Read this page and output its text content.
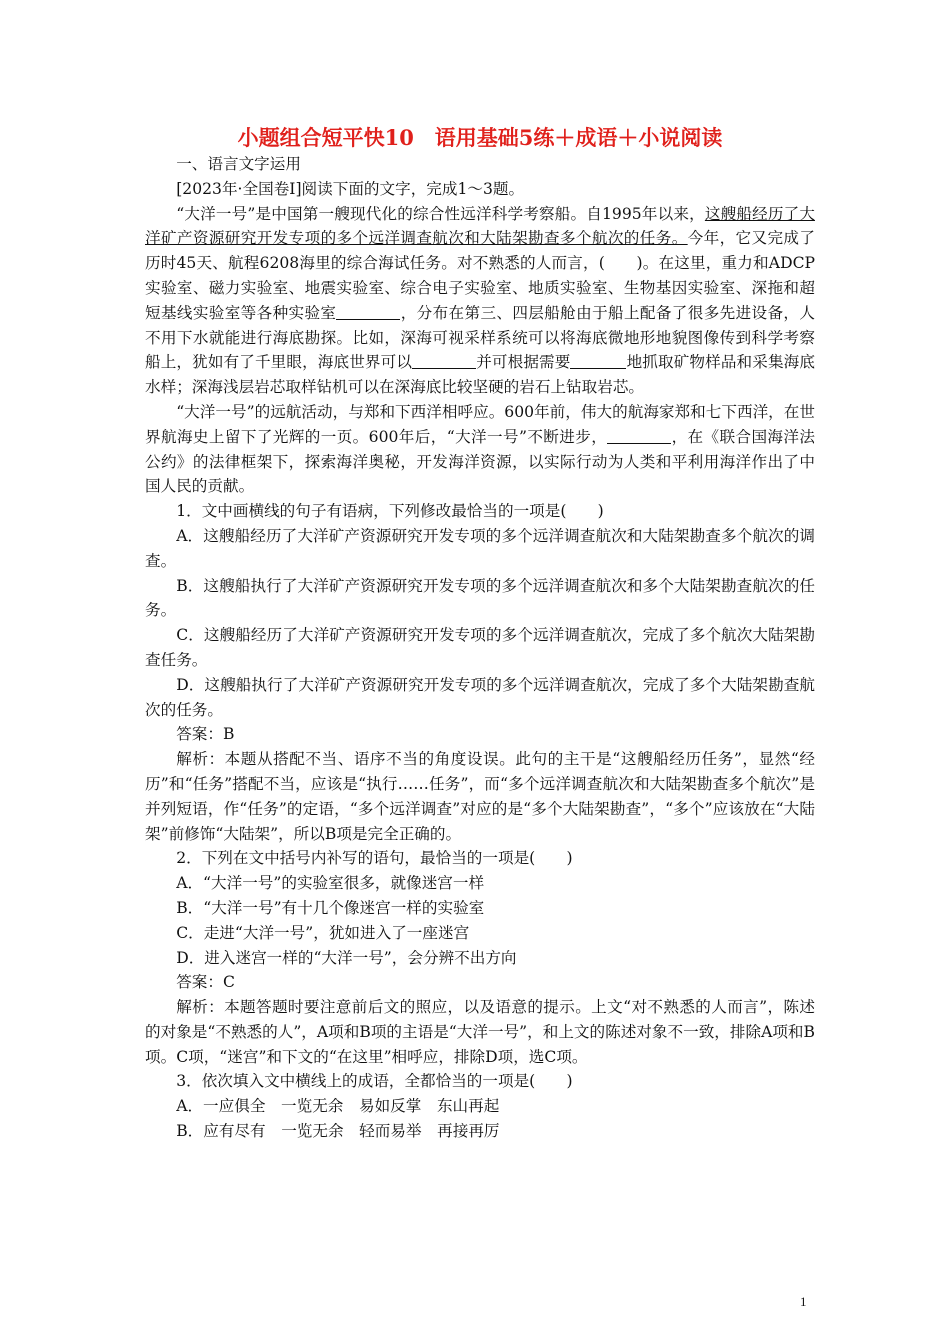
小题组合短平快10　语用基础5练＋成语＋小说阅读

一、语言文字运用

[2023年·全国卷Ⅰ]阅读下面的文字，完成1～3题。

“大洋一号”是中国第一艘现代化的综合性远洋科学考察船。自1995年以来，这艘船经历了大洋矿产资源研究开发专项的多个远洋调查航次和大陆架勘查多个航次的任务。今年，它又完成了历时45天、航程6208海里的综合海试任务。对不熟悉的人而言，(　　)。在这里，重力和ADCP实验室、磁力实验室、地震实验室、综合电子实验室、地质实验室、生物基因实验室、深拖和超短基线实验室等各种实验室	，分布在第三、四层船舱由于船上配备了很多先进设备，人不用下水就能进行海底勘探。比如，深海可视采样系统可以将海底微地形地貌图像传到科学考察船上，犹如有了千里眼，海底世界可以	并可根据需要	地抓取矿物样品和采集海底水样；深海浅层岩芯取样钻机可以在深海底比较坚硬的岩石上钻取岩芯。

“大洋一号”的远航活动，与郑和下西洋相呼应。600年前，伟大的航海家郑和七下西洋，在世界航海史上留下了光辉的一页。600年后，“大洋一号”不断进步，	，在《联合国海洋法公约》的法律框架下，探索海洋奥秘，开发海洋资源，以实际行动为人类和平利用海洋作出了中国人民的贡献。

1．文中画横线的句子有语病，下列修改最恰当的一项是(　　)

A．这艘船经历了大洋矿产资源研究开发专项的多个远洋调查航次和大陆架勘查多个航次的调查。

B．这艘船执行了大洋矿产资源研究开发专项的多个远洋调查航次和多个大陆架勘查航次的任务。

C．这艘船经历了大洋矿产资源研究开发专项的多个远洋调查航次，完成了多个航次大陆架勘查任务。

D．这艘船执行了大洋矿产资源研究开发专项的多个远洋调查航次，完成了多个大陆架勘查航次的任务。

答案：B

解析：本题从搭配不当、语序不当的角度设误。此句的主干是“这艘船经历任务”，显然“经历”和“任务”搭配不当，应该是“执行……任务”，而“多个远洋调查航次和大陆架勘查多个航次”是并列短语，作“任务”的定语，“多个远洋调查”对应的是“多个大陆架勘查”，“多个”应该放在“大陆架”前修饰“大陆架”，所以B项是完全正确的。

2．下列在文中括号内补写的语句，最恰当的一项是(　　)

A．“大洋一号”的实验室很多，就像迷宫一样

B．“大洋一号”有十几个像迷宫一样的实验室

C．走进“大洋一号”，犹如进入了一座迷宫

D．进入迷宫一样的“大洋一号”，会分辨不出方向

答案：C

解析：本题答题时要注意前后文的照应，以及语意的提示。上文“对不熟悉的人而言”，陈述的对象是“不熟悉的人”，A项和B项的主语是“大洋一号”，和上文的陈述对象不一致，排除A项和B项。C项，“迷宫”和下文的“在这里”相呼应，排除D项，选C项。

3．依次填入文中横线上的成语，全都恰当的一项是(　　)

A．一应俱全　一览无余　易如反掌　东山再起

B．应有尽有　一览无余　轻而易举　再接再厉

1
